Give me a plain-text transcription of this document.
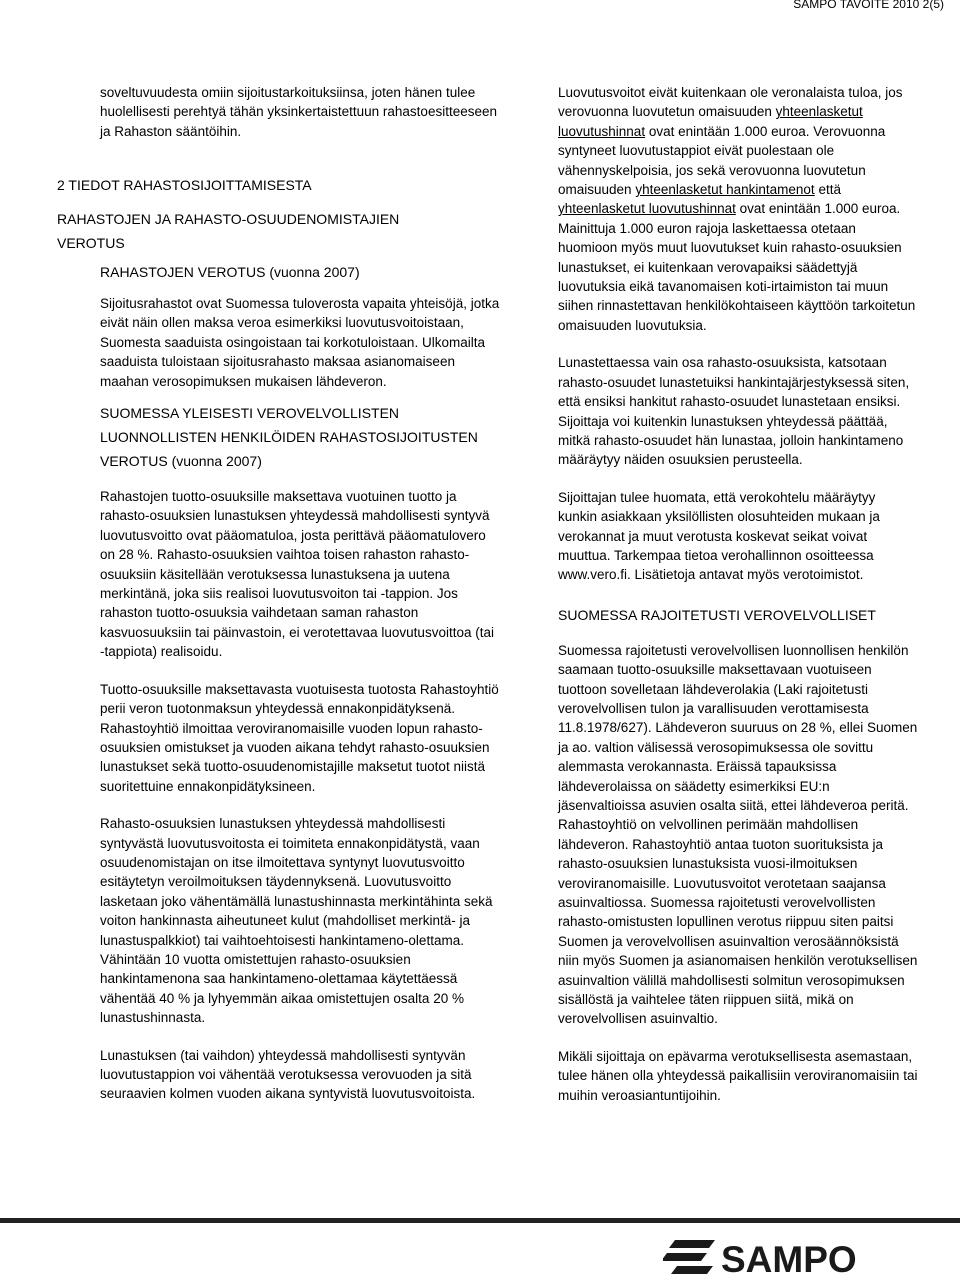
SAMPO TAVOITE 2010 2(5)

soveltuvuudesta omiin sijoitustarkoituksiinsa, joten hänen tulee huolellisesti perehtyä tähän yksinkertaistettuun rahastoesitteeseen ja Rahaston sääntöihin.

2 TIEDOT RAHASTOSIJOITTAMISESTA

RAHASTOJEN JA RAHASTO-OSUUDENOMISTAJIEN VEROTUS

RAHASTOJEN VEROTUS (vuonna 2007)

Sijoitusrahastot ovat Suomessa tuloverosta vapaita yhteisöjä, jotka eivät näin ollen maksa veroa esimerkiksi luovutusvoitoistaan, Suomesta saaduista osingoistaan tai korkotuloistaan. Ulkomailta saaduista tuloistaan sijoitusrahasto maksaa asianomaiseen maahan verosopimuksen mukaisen lähdeveron.

SUOMESSA YLEISESTI VEROVELVOLLISTEN LUONNOLLISTEN HENKILÖIDEN RAHASTOSIJOITUSTEN VEROTUS (vuonna 2007)

Rahastojen tuotto-osuuksille maksettava vuotuinen tuotto ja rahasto-osuuksien lunastuksen yhteydessä mahdollisesti syntyvä luovutusvoitto ovat pääomatuloa, josta perittävä pääomatulovero on 28 %. Rahasto-osuuksien vaihtoa toisen rahaston rahasto-osuuksiin käsitellään verotuksessa lunastuksena ja uutena merkintänä, joka siis realisoi luovutusvoiton tai -tappion. Jos rahaston tuotto-osuuksia vaihdetaan saman rahaston kasvuosuuksiin tai päinvastoin, ei verotettavaa luovutusvoittoa (tai -tappiota) realisoidu.

Tuotto-osuuksille maksettavasta vuotuisesta tuotosta Rahastoyhtiö perii veron tuotonmaksun yhteydessä ennakonpidätyksenä. Rahastoyhtiö ilmoittaa veroviranomaisille vuoden lopun rahasto-osuuksien omistukset ja vuoden aikana tehdyt rahasto-osuuksien lunastukset sekä tuotto-osuudenomistajille maksetut tuotot niistä suoritettuine ennakonpidätyksineen.

Rahasto-osuuksien lunastuksen yhteydessä mahdollisesti syntyvästä luovutusvoitosta ei toimiteta ennakonpidätystä, vaan osuudenomistajan on itse ilmoitettava syntynyt luovutusvoitto esitäytetyn veroilmoituksen täydennyksenä. Luovutusvoitto lasketaan joko vähentämällä lunastushinnasta merkintähinta sekä voiton hankinnasta aiheutuneet kulut (mahdolliset merkintä- ja lunastuspalkkiot) tai vaihtoehtoisesti hankintameno-olettama. Vähintään 10 vuotta omistettujen rahasto-osuuksien hankintamenona saa hankintameno-olettamaa käytettäessä vähentää 40 % ja lyhyemmän aikaa omistettujen osalta 20 % lunastushinnasta.

Lunastuksen (tai vaihdon) yhteydessä mahdollisesti syntyvän luovutustappion voi vähentää verotuksessa verovuoden ja sitä seuraavien kolmen vuoden aikana syntyvistä luovutusvoitoista.

Luovutusvoitot eivät kuitenkaan ole veronalaista tuloa, jos verovuonna luovutetun omaisuuden yhteenlasketut luovutushinnat ovat enintään 1.000 euroa. Verovuonna syntyneet luovutustappiot eivät puolestaan ole vähennyskelpoisia, jos sekä verovuonna luovutetun omaisuuden yhteenlasketut hankintamenot että yhteenlasketut luovutushinnat ovat enintään 1.000 euroa. Mainittuja 1.000 euron rajoja laskettaessa otetaan huomioon myös muut luovutukset kuin rahasto-osuuksien lunastukset, ei kuitenkaan verovapaiksi säädettyjä luovutuksia eikä tavanomaisen koti-irtaimiston tai muun siihen rinnastettavan henkilökohtaiseen käyttöön tarkoitetun omaisuuden luovutuksia.

Lunastettaessa vain osa rahasto-osuuksista, katsotaan rahasto-osuudet lunastetuiksi hankintajärjestyksessä siten, että ensiksi hankitut rahasto-osuudet lunastetaan ensiksi. Sijoittaja voi kuitenkin lunastuksen yhteydessä päättää, mitkä rahasto-osuudet hän lunastaa, jolloin hankintameno määräytyy näiden osuuksien perusteella.

Sijoittajan tulee huomata, että verokohtelu määräytyy kunkin asiakkaan yksilöllisten olosuhteiden mukaan ja verokannat ja muut verotusta koskevat seikat voivat muuttua. Tarkempaa tietoa verohallinnon osoitteessa www.vero.fi. Lisätietoja antavat myös verotoimistot.

SUOMESSA RAJOITETUSTI VEROVELVOLLISET

Suomessa rajoitetusti verovelvollisen luonnollisen henkilön saamaan tuotto-osuuksille maksettavaan vuotuiseen tuottoon sovelletaan lähdeverolakia (Laki rajoitetusti verovelvollisen tulon ja varallisuuden verottamisesta 11.8.1978/627). Lähdeveron suuruus on 28 %, ellei Suomen ja ao. valtion välisessä verosopimuksessa ole sovittu alemmasta verokannasta. Eräissä tapauksissa lähdeverolaissa on säädetty esimerkiksi EU:n jäsenvaltioissa asuvien osalta siitä, ettei lähdeveroa peritä. Rahastoyhtiö on velvollinen perimään mahdollisen lähdeveron. Rahastoyhtiö antaa tuoton suorituksista ja rahasto-osuuksien lunastuksista vuosi-ilmoituksen veroviranomaisille. Luovutusvoitot verotetaan saajansa asuinvaltiossa. Suomessa rajoitetusti verovelvollisten rahasto-omistusten lopullinen verotus riippuu siten paitsi Suomen ja verovelvollisen asuinvaltion verosäännöksistä niin myös Suomen ja asianomaisen henkilön verotuksellisen asuinvaltion välillä mahdollisesti solmitun verosopimuksen sisällöstä ja vaihtelee täten riippuen siitä, mikä on verovelvollisen asuinvaltio.

Mikäli sijoittaja on epävarma verotuksellisesta asemastaan, tulee hänen olla yhteydessä paikallisiin veroviranomaisiin tai muihin veroasiantuntijoihin.

SAMPO
